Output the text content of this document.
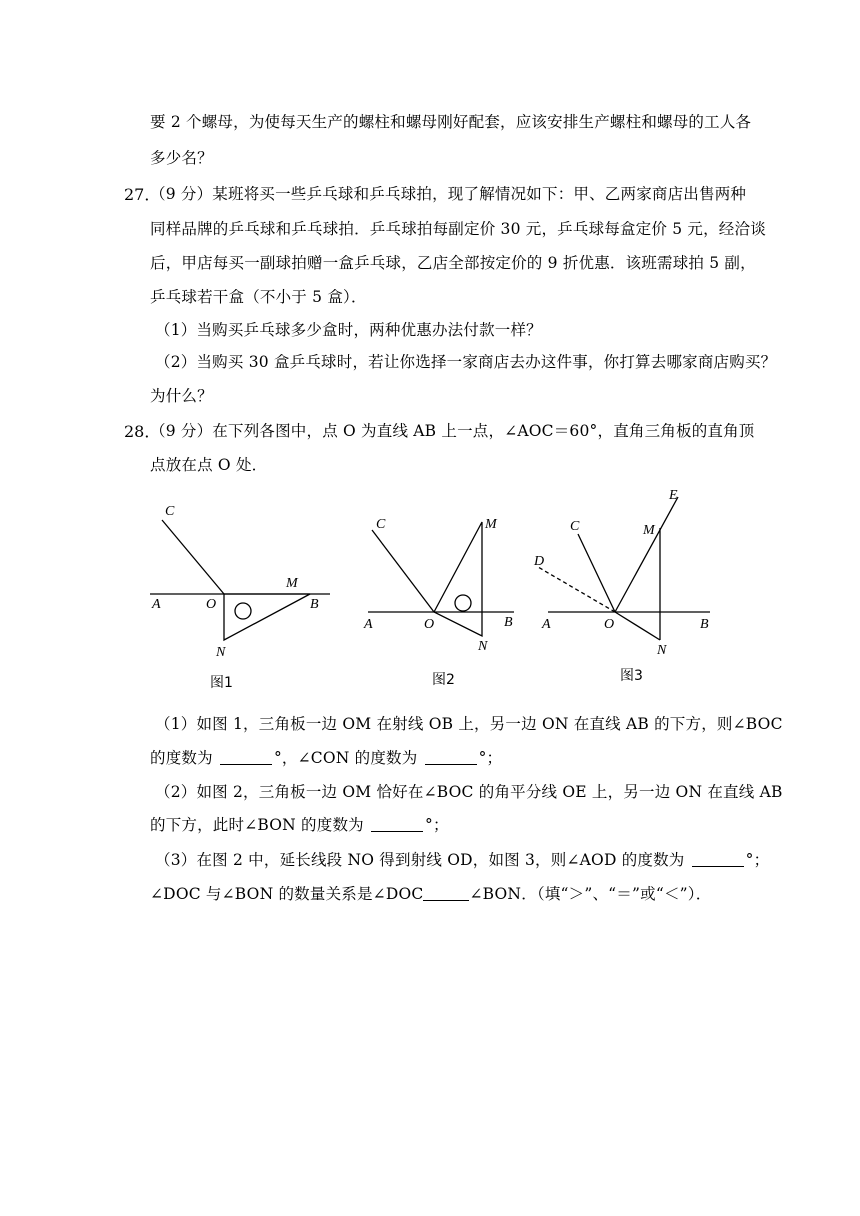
要 2 个螺母，为使每天生产的螺柱和螺母刚好配套，应该安排生产螺柱和螺母的工人各
多少名？
27．
（9 分）某班将买一些乒乓球和乒乓球拍，现了解情况如下：甲、乙两家商店出售两种
同样品牌的乒乓球和乒乓球拍．乒乓球拍每副定价 30 元，乒乓球每盒定价 5 元，经洽谈
后，甲店每买一副球拍赠一盒乒乓球，乙店全部按定价的 9 折优惠．该班需球拍 5 副，
乒乓球若干盒（不小于 5 盒）．
（1）当购买乒乓球多少盒时，两种优惠办法付款一样？
（2）当购买 30 盒乒乓球时，若让你选择一家商店去办这件事，你打算去哪家商店购买？
为什么？
28．
（9 分）在下列各图中，点 O 为直线 AB 上一点，∠AOC＝60°，直角三角板的直角顶
点放在点 O 处．
C
A	O
M
B
N
图1
C	M
A	O	B
N
图2
E
C	M
D
A	O	B
N
图3
（1）如图 1，三角板一边 OM 在射线 OB 上，另一边 ON 在直线 AB 的下方，则∠BOC
的度数为	°，∠CON 的度数为	°；
（2）如图 2，三角板一边 OM 恰好在∠BOC 的角平分线 OE 上，另一边 ON 在直线 AB
的下方，此时∠BON 的度数为	°；
（3）在图 2 中，延长线段 NO 得到射线 OD，如图 3，则∠AOD 的度数为	°；
∠DOC 与∠BON 的数量关系是∠DOC	∠BON．（填“＞”、“＝”或“＜”）．
